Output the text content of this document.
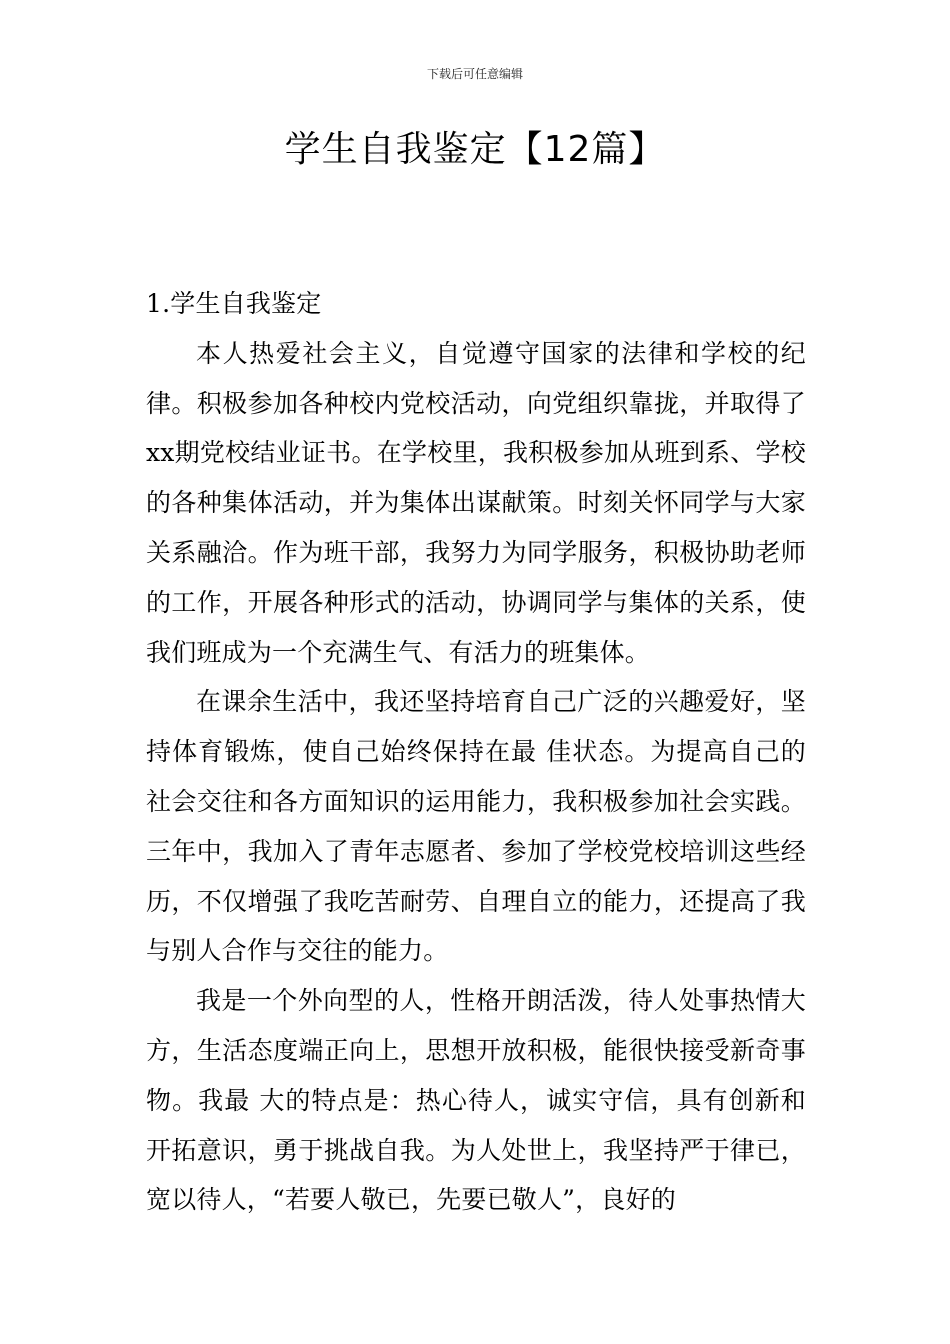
下载后可任意编辑
学生自我鉴定【12篇】

1.学生自我鉴定

本人热爱社会主义，自觉遵守国家的法律和学校的纪律。积极参加各种校内党校活动，向党组织靠拢，并取得了xx期党校结业证书。在学校里，我积极参加从班到系、学校的各种集体活动，并为集体出谋献策。时刻关怀同学与大家关系融洽。作为班干部，我努力为同学服务，积极协助老师的工作，开展各种形式的活动，协调同学与集体的关系，使我们班成为一个充满生气、有活力的班集体。

在课余生活中，我还坚持培育自己广泛的兴趣爱好，坚持体育锻炼，使自己始终保持在最 佳状态。为提高自己的社会交往和各方面知识的运用能力，我积极参加社会实践。三年中，我加入了青年志愿者、参加了学校党校培训这些经历，不仅增强了我吃苦耐劳、自理自立的能力，还提高了我与别人合作与交往的能力。

我是一个外向型的人，性格开朗活泼，待人处事热情大方，生活态度端正向上，思想开放积极，能很快接受新奇事物。我最 大的特点是：热心待人，诚实守信，具有创新和开拓意识，勇于挑战自我。为人处世上，我坚持严于律已，宽以待人，“若要人敬已，先要已敬人”，良好的
